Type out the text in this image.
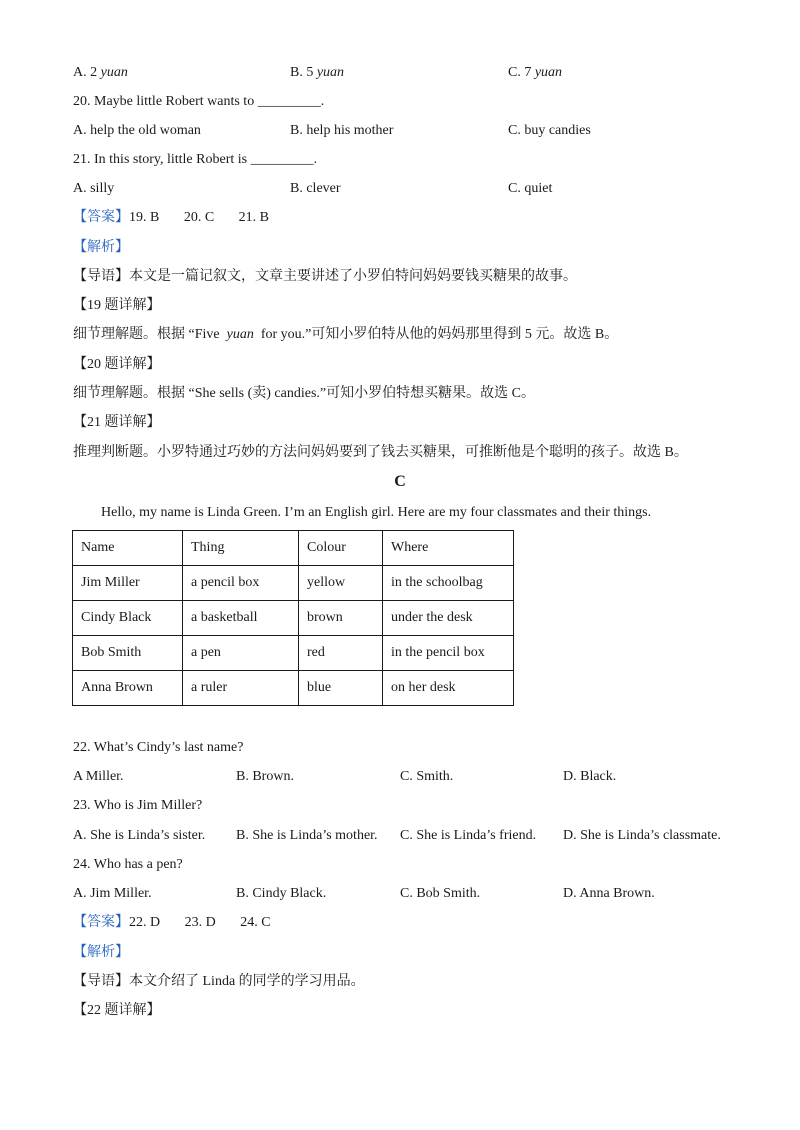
A. 2 yuan	B. 5 yuan	C. 7 yuan
20. Maybe little Robert wants to _________.
A. help the old woman	B. help his mother	C. buy candies
21. In this story, little Robert is _________.
A. silly	B. clever	C. quiet
【答案】19. B       20. C       21. B
【解析】
【导语】本文是一篇记叙文，文章主要讲述了小罗伯特问妈妈要钱买糖果的故事。
【19 题详解】
细节理解题。根据 “Five  yuan  for you.”可知小罗伯特从他的妈妈那里得到 5 元。故选 B。
【20 题详解】
细节理解题。根据 “She sells (卖) candies.”可知小罗伯特想买糖果。故选 C。
【21 题详解】
推理判断题。小罗特通过巧妙的方法问妈妈要到了钱去买糖果，可推断他是个聪明的孩子。故选 B。
C
Hello, my name is Linda Green. I’m an English girl. Here are my four classmates and their things.
Name	Thing	Colour	Where
Jim Miller	a pencil box	yellow	in the schoolbag
Cindy Black	a basketball	brown	under the desk
Bob Smith	a pen	red	in the pencil box
Anna Brown	a ruler	blue	on her desk
22. What’s Cindy’s last name?
A Miller.	B. Brown.	C. Smith.	D. Black.
23. Who is Jim Miller?
A. She is Linda’s sister. B. She is Linda’s mother. C. She is Linda’s friend. D. She is Linda’s classmate.
24. Who has a pen?
A. Jim Miller.	B. Cindy Black.	C. Bob Smith.	D. Anna Brown.
【答案】22. D       23. D       24. C
【解析】
【导语】本文介绍了 Linda 的同学的学习用品。
【22 题详解】
